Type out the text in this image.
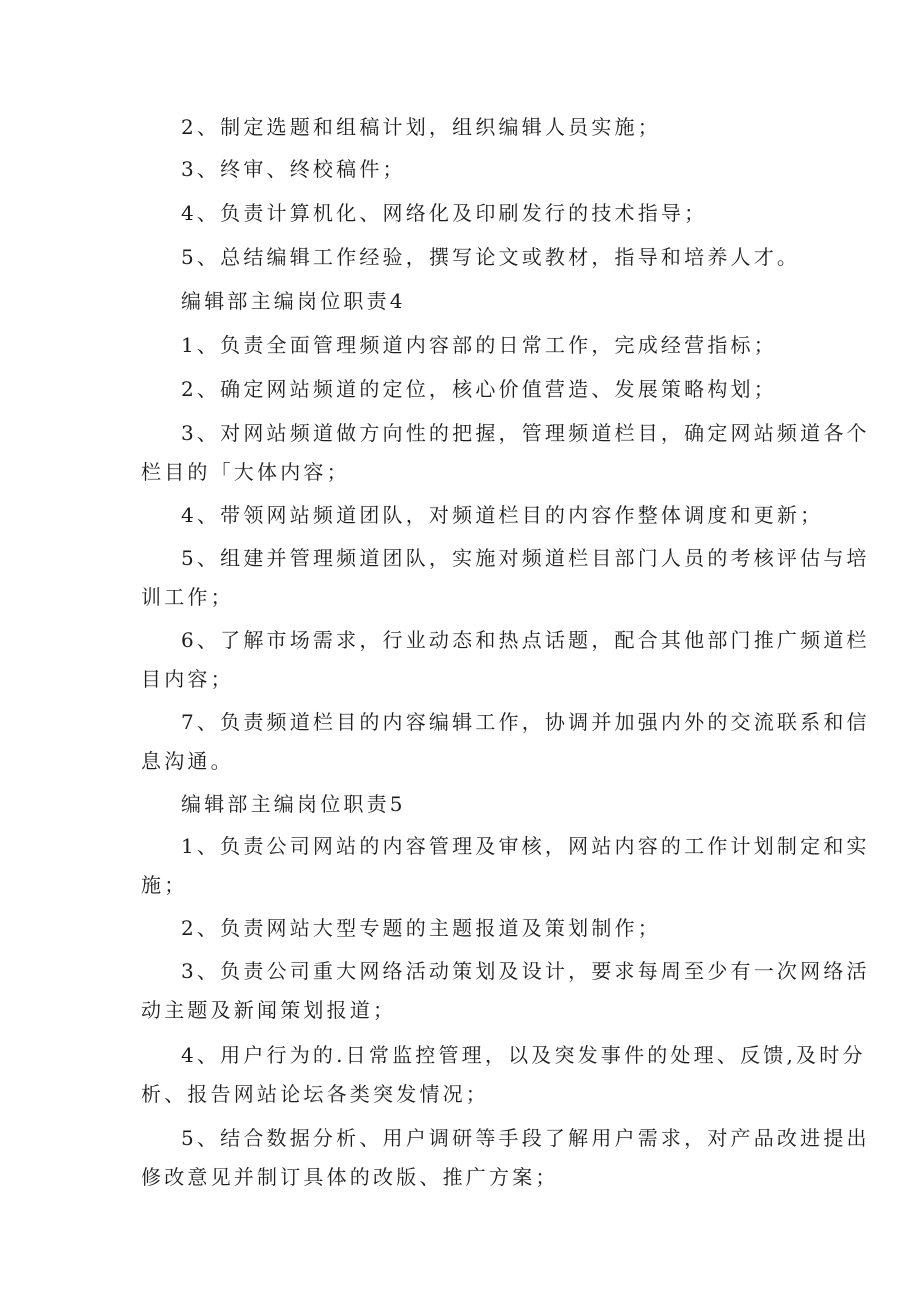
2、制定选题和组稿计划，组织编辑人员实施；
3、终审、终校稿件；
4、负责计算机化、网络化及印刷发行的技术指导；
5、总结编辑工作经验，撰写论文或教材，指导和培养人才。
编辑部主编岗位职责4
1、负责全面管理频道内容部的日常工作，完成经营指标；
2、确定网站频道的定位，核心价值营造、发展策略构划；
3、对网站频道做方向性的把握，管理频道栏目，确定网站频道各个
栏目的「大体内容；
4、带领网站频道团队，对频道栏目的内容作整体调度和更新；
5、组建并管理频道团队，实施对频道栏目部门人员的考核评估与培
训工作；
6、了解市场需求，行业动态和热点话题，配合其他部门推广频道栏
目内容；
7、负责频道栏目的内容编辑工作，协调并加强内外的交流联系和信
息沟通。
编辑部主编岗位职责5
1、负责公司网站的内容管理及审核，网站内容的工作计划制定和实
施；
2、负责网站大型专题的主题报道及策划制作；
3、负责公司重大网络活动策划及设计，要求每周至少有一次网络活
动主题及新闻策划报道；
4、用户行为的.日常监控管理，以及突发事件的处理、反馈,及时分
析、报告网站论坛各类突发情况；
5、结合数据分析、用户调研等手段了解用户需求，对产品改进提出
修改意见并制订具体的改版、推广方案；
